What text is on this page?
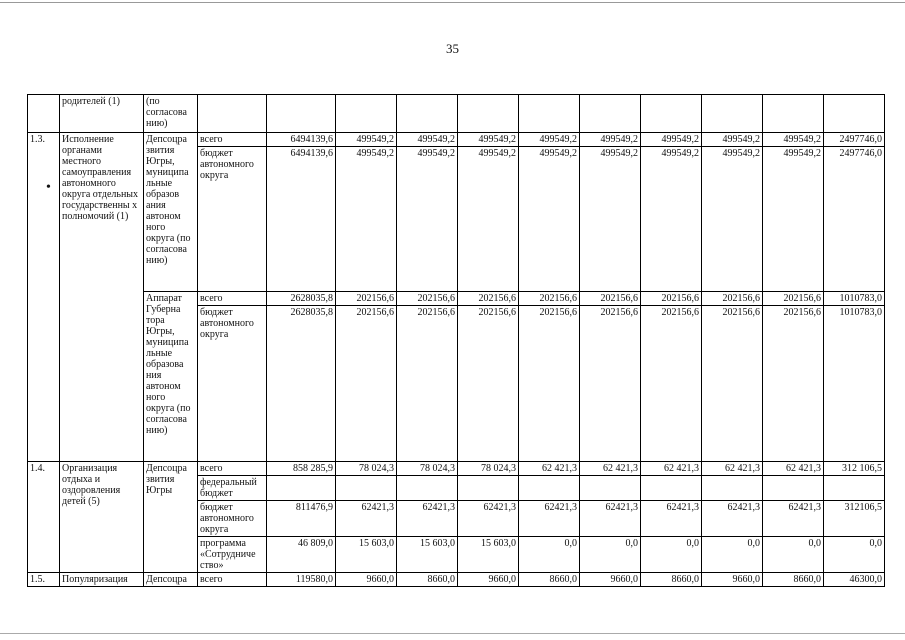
35
•
	родителей (1)	(по согласова нию)											
1.3.	Исполнение органами местного самоуправления автономного округа отдельных государственны х полномочий (1)	Депсоцра звития Югры, муниципа льные образов ания автоном ного округа (по согласова нию)	всего	6494139,6	499549,2	499549,2	499549,2	499549,2	499549,2	499549,2	499549,2	499549,2	2497746,0
			бюджет автономного округа	6494139,6	499549,2	499549,2	499549,2	499549,2	499549,2	499549,2	499549,2	499549,2	2497746,0
		Аппарат Губерна тора Югры, муниципа льные образова ния автоном ного округа (по согласова нию)	всего	2628035,8	202156,6	202156,6	202156,6	202156,6	202156,6	202156,6	202156,6	202156,6	1010783,0
			бюджет автономного округа	2628035,8	202156,6	202156,6	202156,6	202156,6	202156,6	202156,6	202156,6	202156,6	1010783,0
1.4.	Организация отдыха и оздоровления детей (5)	Депсоцра звития Югры	всего	858 285,9	78 024,3	78 024,3	78 024,3	62 421,3	62 421,3	62 421,3	62 421,3	62 421,3	312 106,5
			федеральный бюджет										
			бюджет автономного округа	811476,9	62421,3	62421,3	62421,3	62421,3	62421,3	62421,3	62421,3	62421,3	312106,5
			программа «Сотрудниче ство»	46 809,0	15 603,0	15 603,0	15 603,0	0,0	0,0	0,0	0,0	0,0	0,0
1.5.	Популяризация	Депсоцра	всего	119580,0	9660,0	8660,0	9660,0	8660,0	9660,0	8660,0	9660,0	8660,0	46300,0
